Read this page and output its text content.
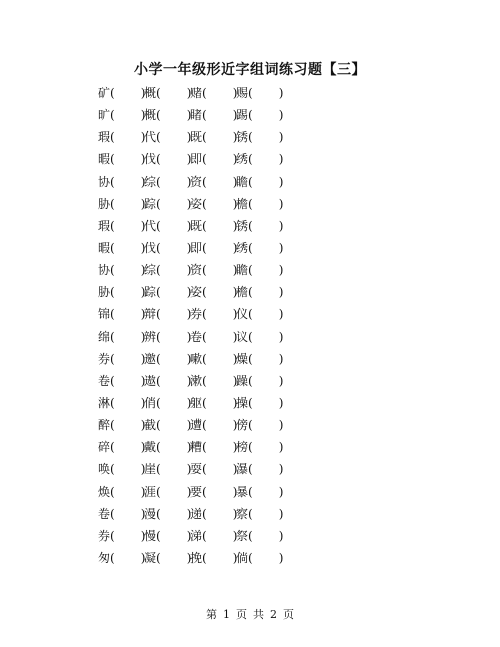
小学一年级形近字组词练习题【三】
矿( )
概( )
赌( )
赐( )
旷( )
概( )
睹( )
踢( )
瑕( )
代( )
既( )
锈( )
暇( )
伐( )
即( )
绣( )
协( )
综( )
资( )
瞻( )
胁( )
踪( )
姿( )
檐( )
瑕( )
代( )
既( )
锈( )
暇( )
伐( )
即( )
绣( )
协( )
综( )
资( )
瞻( )
胁( )
踪( )
姿( )
檐( )
锦( )
辩( )
券( )
仪( )
绵( )
辨( )
卷( )
议( )
券( )
邀( )
嗽( )
燥( )
卷( )
遨( )
漱( )
躁( )
淋( )
俏( )
躯( )
操( )
醉( )
截( )
遭( )
傍( )
碎( )
戴( )
糟( )
榜( )
唤( )
崖( )
耍( )
瀑( )
焕( )
涯( )
要( )
暴( )
卷( )
漫( )
递( )
察( )
券( )
慢( )
涕( )
祭( )
匆( )
凝( )
挽( )
倘( )
第 1 页 共 2 页
